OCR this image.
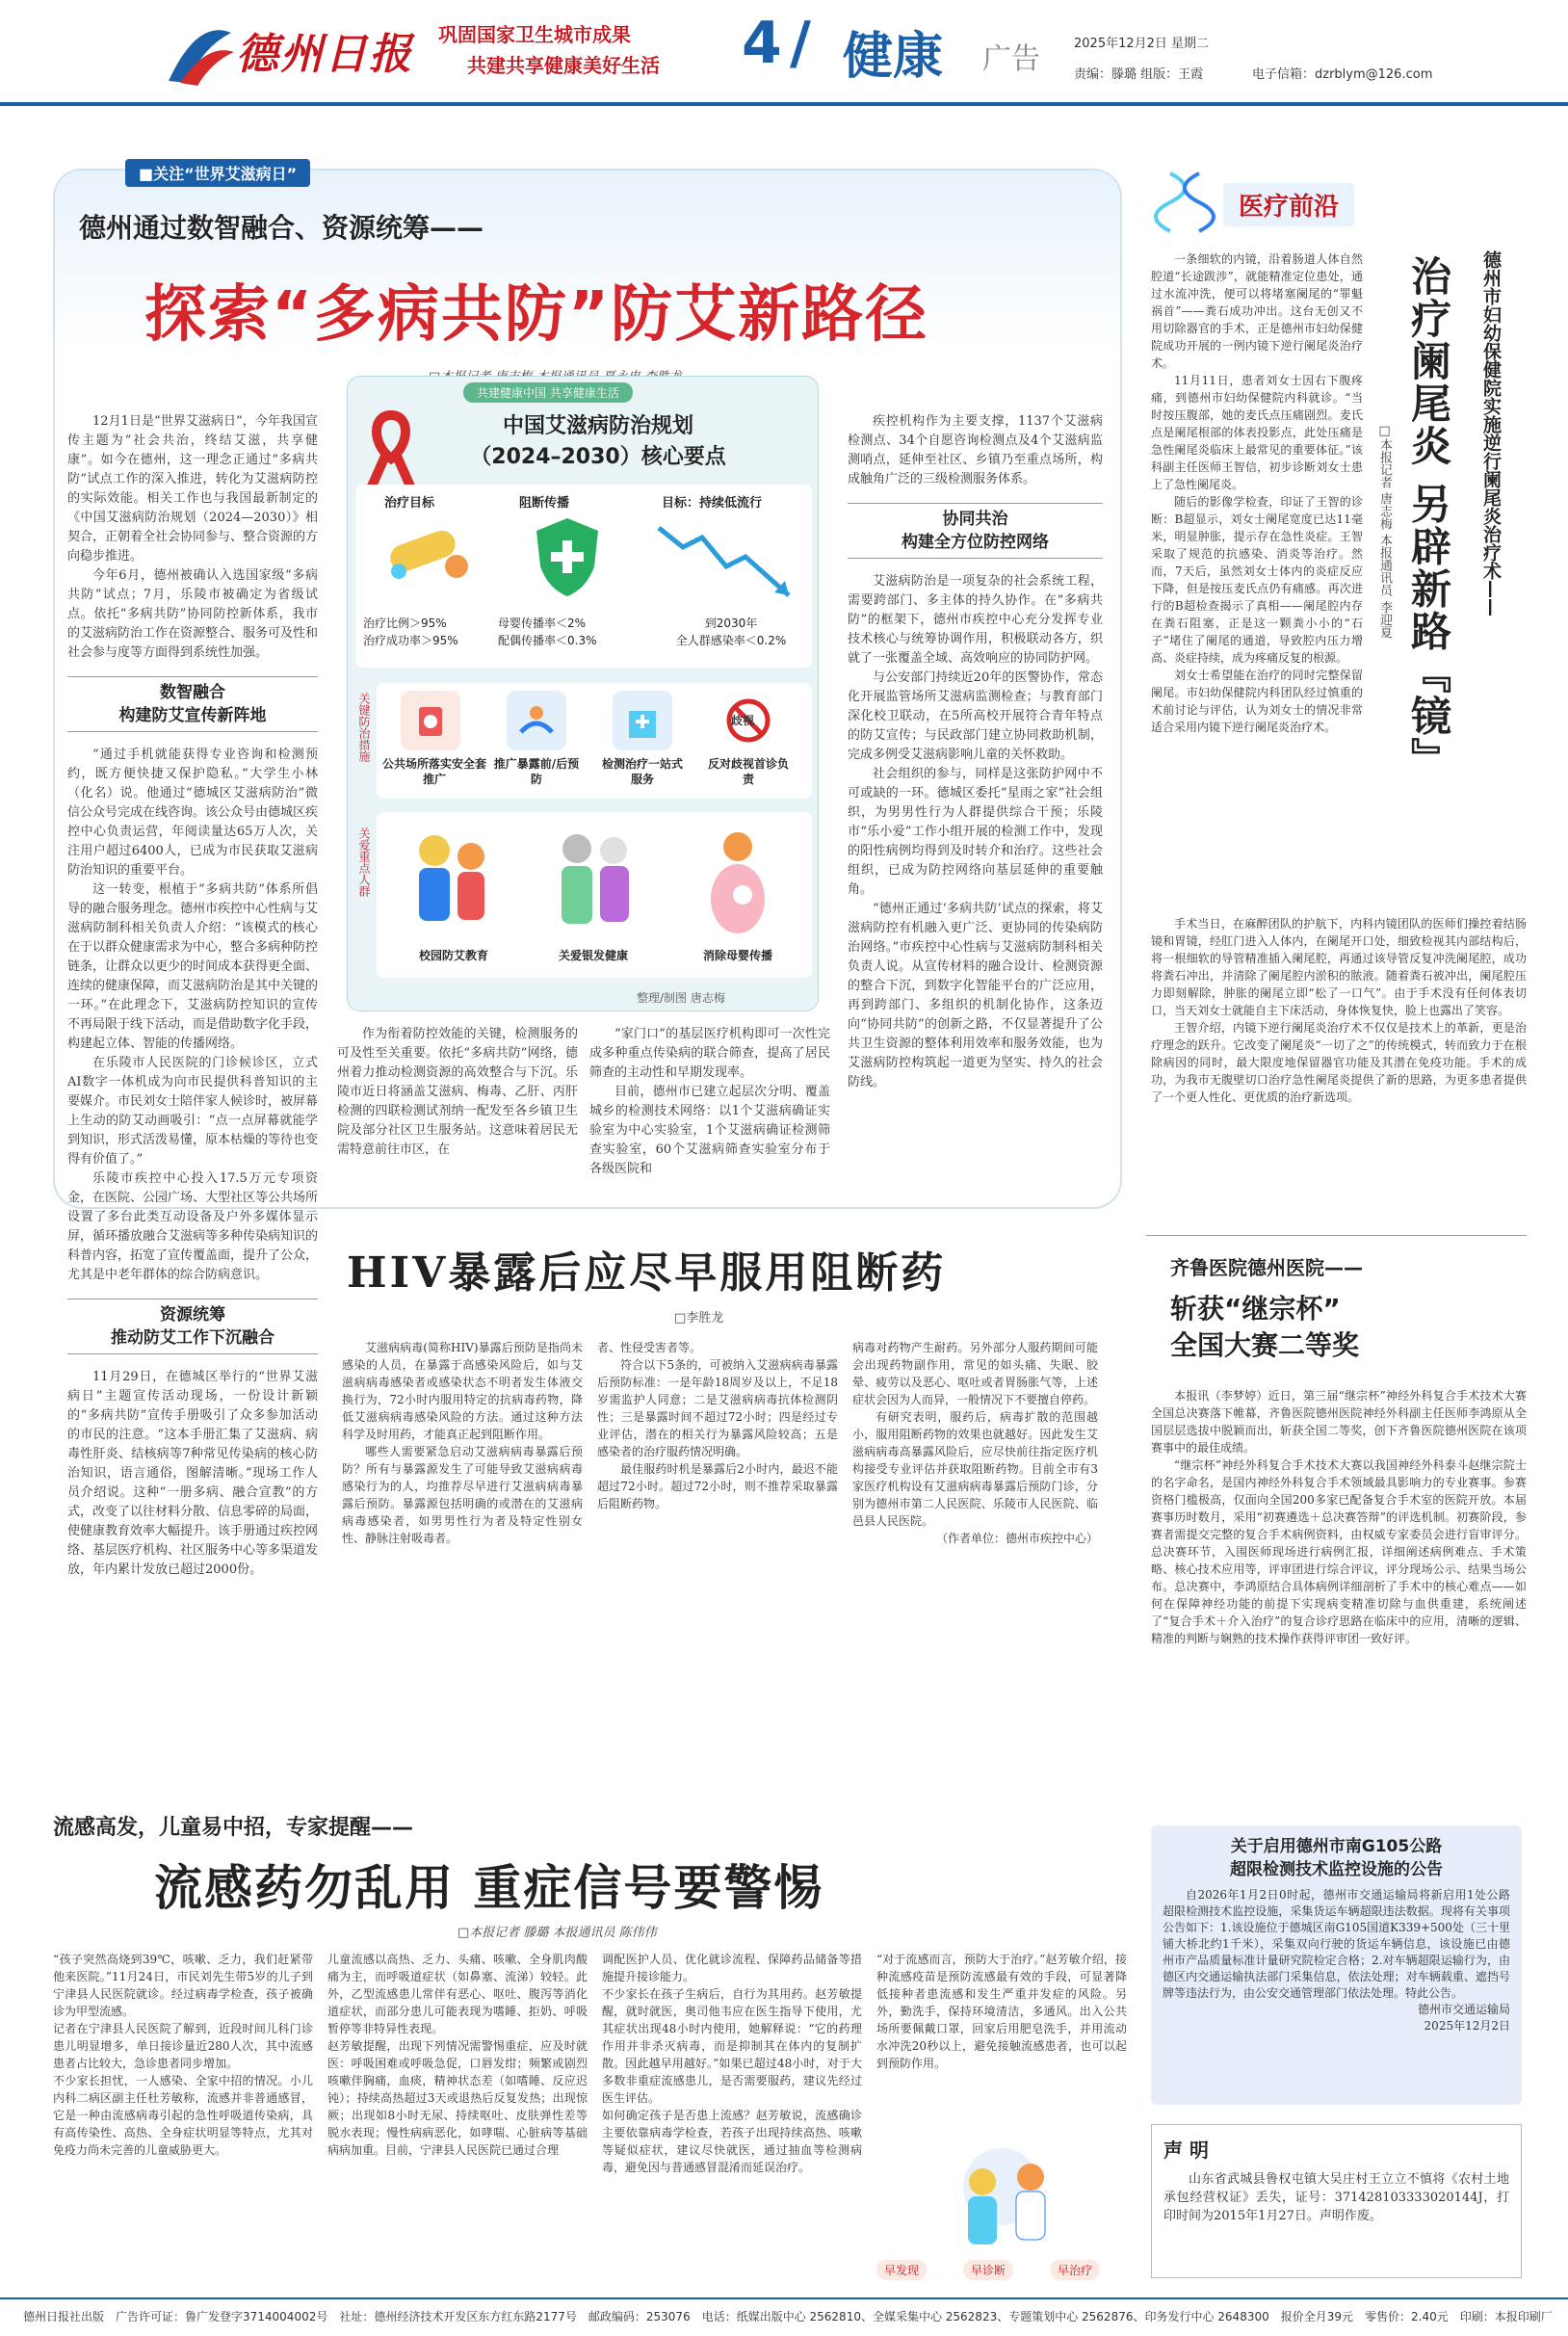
德州日报 巩固国家卫生城市成果
共建共享健康美好生活 4 / 健康 广告	2025年12月2日 星期二
责编：滕璐 组版：王霞	电子信箱：dzrblym@126.com
■关注“世界艾滋病日”
德州通过数智融合、资源统筹——
探索“多病共防”防艾新路径

12月1日是“世界艾滋病日”，今年我国宣传主题为“社会共治，终结艾滋，共享健康”。如今在德州，这一理念正通过“多病共防”试点工作的深入推进，转化为艾滋病防控的实际效能。相关工作也与我国最新制定的《中国艾滋病防治规划（2024—2030）》相契合，正朝着全社会协同参与、整合资源的方向稳步推进。

今年6月，德州被确认入选国家级“多病共防”试点；7月，乐陵市被确定为省级试点。依托“多病共防”协同防控新体系，我市的艾滋病防治工作在资源整合、服务可及性和社会参与度等方面得到系统性加强。

数智融合
构建防艾宣传新阵地

“通过手机就能获得专业咨询和检测预约，既方便快捷又保护隐私。”大学生小林（化名）说。他通过“德城区艾滋病防治”微信公众号完成在线咨询。该公众号由德城区疾控中心负责运营，年阅读量达65万人次，关注用户超过6400人，已成为市民获取艾滋病防治知识的重要平台。

这一转变，根植于“多病共防”体系所倡导的融合服务理念。德州市疾控中心性病与艾滋病防制科相关负责人介绍：“该模式的核心在于以群众健康需求为中心，整合多病种防控链条，让群众以更少的时间成本获得更全面、连续的健康保障，而艾滋病防治是其中关键的一环。”在此理念下，艾滋病防控知识的宣传不再局限于线下活动，而是借助数字化手段，构建起立体、智能的传播网络。

在乐陵市人民医院的门诊候诊区，立式AI数字一体机成为向市民提供科普知识的主要媒介。市民刘女士陪伴家人候诊时，被屏幕上生动的防艾动画吸引：“点一点屏幕就能学到知识，形式活泼易懂，原本枯燥的等待也变得有价值了。”

乐陵市疾控中心投入17.5万元专项资金，在医院、公园广场、大型社区等公共场所设置了多台此类互动设备及户外多媒体显示屏，循环播放融合艾滋病等多种传染病知识的科普内容，拓宽了宣传覆盖面，提升了公众，尤其是中老年群体的综合防病意识。

资源统筹
推动防艾工作下沉融合

11月29日，在德城区举行的“世界艾滋病日”主题宣传活动现场，一份设计新颖的“多病共防”宣传手册吸引了众多参加活动的市民的注意。“这本手册汇集了艾滋病、病毒性肝炎、结核病等7种常见传染病的核心防治知识，语言通俗，图解清晰。”现场工作人员介绍说。这种“一册多病、融合宣教”的方式，改变了以往材料分散、信息零碎的局面，使健康教育效率大幅提升。该手册通过疾控网络、基层医疗机构、社区服务中心等多渠道发放，年内累计发放已超过2000份。

共建健康中国 共享健康生活
中国艾滋病防治规划
（2024–2030）核心要点
治疗目标
治疗比例＞95%
治疗成功率＞95%
阻断传播
母婴传播率＜2%
配偶传播率＜0.3%
目标：持续低流行
到2030年
全人群感染率＜0.2%
关键防治措施
公共场所落实安全套推广
推广暴露前/后预防
检测治疗一站式服务
歧视
反对歧视首诊负责
关爱重点人群
校园防艾教育	关爱银发健康	消除母婴传播
整理/制图 唐志梅

作为衔着防控效能的关键，检测服务的可及性至关重要。依托“多病共防”网络，德州着力推动检测资源的高效整合与下沉。乐陵市近日将涵盖艾滋病、梅毒、乙肝、丙肝检测的四联检测试剂纳一配发至各乡镇卫生院及部分社区卫生服务站。这意味着居民无需特意前往市区，在

“家门口”的基层医疗机构即可一次性完成多种重点传染病的联合筛查，提高了居民筛查的主动性和早期发现率。

目前，德州市已建立起层次分明、覆盖城乡的检测技术网络：以1个艾滋病确证实验室为中心实验室，1个艾滋病确证检测筛查实验室，60个艾滋病筛查实验室分布于各级医院和

疾控机构作为主要支撑，1137个艾滋病检测点、34个自愿咨询检测点及4个艾滋病监测哨点，延伸至社区、乡镇乃至重点场所，构成触角广泛的三级检测服务体系。

协同共治
构建全方位防控网络

艾滋病防治是一项复杂的社会系统工程，需要跨部门、多主体的持久协作。在“多病共防”的框架下，德州市疾控中心充分发挥专业技术核心与统筹协调作用，积极联动各方，织就了一张覆盖全域、高效响应的协同防护网。

与公安部门持续近20年的医警协作，常态化开展监管场所艾滋病监测检查；与教育部门深化校卫联动，在5所高校开展符合青年特点的防艾宣传；与民政部门建立协同救助机制，完成多例受艾滋病影响儿童的关怀救助。

社会组织的参与，同样是这张防护网中不可或缺的一环。德城区委托“星雨之家”社会组织，为男男性行为人群提供综合干预；乐陵市“乐小爱”工作小组开展的检测工作中，发现的阳性病例均得到及时转介和治疗。这些社会组织，已成为防控网络向基层延伸的重要触角。

“德州正通过‘多病共防’试点的探索，将艾滋病防控有机融入更广泛、更协同的传染病防治网络。”市疾控中心性病与艾滋病防制科相关负责人说。从宣传材料的融合设计、检测资源的整合下沉，到数字化智能平台的广泛应用，再到跨部门、多组织的机制化协作，这条迈向“协同共防”的创新之路，不仅显著提升了公共卫生资源的整体利用效率和服务效能，也为艾滋病防控构筑起一道更为坚实、持久的社会防线。

HIV暴露后应尽早服用阻断药
□李胜龙

艾滋病病毒(简称HIV)暴露后预防是指尚未感染的人员，在暴露于高感染风险后，如与艾滋病病毒感染者或感染状态不明者发生体液交换行为，72小时内服用特定的抗病毒药物，降低艾滋病病毒感染风险的方法。通过这种方法科学及时用药，才能真正起到阻断作用。

哪些人需要紧急启动艾滋病病毒暴露后预防？所有与暴露源发生了可能导致艾滋病病毒感染行为的人，均推荐尽早进行艾滋病病毒暴露后预防。暴露源包括明确的或潜在的艾滋病病毒感染者，如男男性行为者及特定性别女性、静脉注射吸毒者。

者、性侵受害者等。

符合以下5条的，可被纳入艾滋病病毒暴露后预防标准：一是年龄18周岁及以上，不足18岁需监护人同意；二是艾滋病病毒抗体检测阴性；三是暴露时间不超过72小时；四是经过专业评估，潜在的相关行为暴露风险较高；五是感染者的治疗服药情况明确。

最佳服药时机是暴露后2小时内，最迟不能超过72小时。超过72小时，则不推荐采取暴露后阻断药物。

病毒对药物产生耐药。另外部分人服药期间可能会出现药物副作用，常见的如头痛、失眠、胶晕、疲劳以及恶心、呕吐或者胃肠胀气等，上述症状会因为人而异，一般情况下不要擅自停药。

有研究表明，服药后，病毒扩散的范围越小，服用阻断药物的效果也就越好。因此发生艾滋病病毒高暴露风险后，应尽快前往指定医疗机构接受专业评估并获取阻断药物。目前全市有3家医疗机构设有艾滋病病毒暴露后预防门诊，分别为德州市第二人民医院、乐陵市人民医院、临邑县人民医院。

（作者单位：德州市疾控中心）

医疗前沿
德州市妇幼保健院实施逆行阑尾炎治疗术——
治疗阑尾炎 另辟新路『镜』
□本报记者 唐志梅 本报通讯员 李迎夏

一条细软的内镜，沿着肠道人体自然腔道“长途跋涉”，就能精准定位患处，通过水流冲洗，便可以将堵塞阑尾的“罪魁祸首”——粪石成功冲出。这台无创又不用切除器官的手术，正是德州市妇幼保健院成功开展的一例内镜下逆行阑尾炎治疗术。

11月11日，患者刘女士因右下腹疼痛，到德州市妇幼保健院内科就诊。“当时按压腹部，她的麦氏点压痛剧烈。麦氏点是阑尾根部的体表投影点，此处压痛是急性阑尾炎临床上最常见的重要体征。”该科副主任医师王智信，初步诊断刘女士患上了急性阑尾炎。

随后的影像学检查，印证了王智的诊断：B超显示，刘女士阑尾宽度已达11毫米，明显肿胀，提示存在急性炎症。王智采取了规范的抗感染、消炎等治疗。然而，7天后，虽然刘女士体内的炎症反应下降，但是按压麦氏点仍有痛感。再次进行的B超检查揭示了真相——阑尾腔内存在粪石阻塞，正是这一颗粪小小的“石子”堵住了阑尾的通道，导致腔内压力增高、炎症持续，成为疼痛反复的根源。

刘女士希望能在治疗的同时完整保留阑尾。市妇幼保健院内科团队经过慎重的术前讨论与评估，认为刘女士的情况非常适合采用内镜下逆行阑尾炎治疗术。

手术当日，在麻醉团队的护航下，内科内镜团队的医师们操控着结肠镜和胃镜，经肛门进入人体内，在阑尾开口处，细致检视其内部结构后，将一根细软的导管精准插入阑尾腔，再通过该导管反复冲洗阑尾腔，成功将粪石冲出，并清除了阑尾腔内淤积的脓液。随着粪石被冲出，阑尾腔压力即刻解除，肿胀的阑尾立即“松了一口气”。由于手术没有任何体表切口，当天刘女士就能自主下床活动，身体恢复快，脸上也露出了笑容。

王智介绍，内镜下逆行阑尾炎治疗术不仅仅是技术上的革新，更是治疗理念的跃升。它改变了阑尾炎“一切了之”的传统模式，转而致力于在根除病因的同时，最大限度地保留器官功能及其潜在免疫功能。手术的成功，为我市无腹壁切口治疗急性阑尾炎提供了新的思路，为更多患者提供了一个更人性化、更优质的治疗新选项。

齐鲁医院德州医院——
斩获“继宗杯”
全国大赛二等奖

本报讯（李梦婷）近日，第三届“继宗杯”神经外科复合手术技术大赛全国总决赛落下帷幕，齐鲁医院德州医院神经外科副主任医师李鸿原从全国层层选拔中脱颖而出，斩获全国二等奖，创下齐鲁医院德州医院在该项赛事中的最佳成绩。

“继宗杯”神经外科复合手术技术大赛以我国神经外科泰斗赵继宗院士的名字命名，是国内神经外科复合手术领域最具影响力的专业赛事。参赛资格门槛极高，仅面向全国200多家已配备复合手术室的医院开放。本届赛事历时数月，采用“初赛遴选＋总决赛答辩”的评选机制。初赛阶段，参赛者需提交完整的复合手术病例资料，由权威专家委员会进行盲审评分。总决赛环节，入围医师现场进行病例汇报，详细阐述病例难点、手术策略、核心技术应用等，评审团进行综合评议，评分现场公示、结果当场公布。总决赛中，李鸿原结合具体病例详细剖析了手术中的核心难点——如何在保障神经功能的前提下实现病变精准切除与血供重建，系统阐述了“复合手术＋介入治疗”的复合诊疗思路在临床中的应用，清晰的逻辑、精准的判断与娴熟的技术操作获得评审团一致好评。

流感高发，儿童易中招，专家提醒——
流感药勿乱用 重症信号要警惕
□本报记者 滕璐 本报通讯员 陈伟伟

“孩子突然高烧到39℃，咳嗽、乏力，我们赶紧带他来医院。”11月24日，市民刘先生带5岁的儿子到宁津县人民医院就诊。经过病毒学检查，孩子被确诊为甲型流感。
记者在宁津县人民医院了解到，近段时间儿科门诊患儿明显增多，单日接诊量近280人次，其中流感患者占比较大，急诊患者同步增加。
不少家长担忧，一人感染、全家中招的情况。小儿内科二病区副主任杜芳敏称，流感并非普通感冒，它是一种由流感病毒引起的急性呼吸道传染病，具有高传染性、高热、全身症状明显等特点，尤其对免疫力尚未完善的儿童威胁更大。

儿童流感以高热、乏力、头痛、咳嗽、全身肌肉酸痛为主，而呼吸道症状（如鼻塞、流涕）较轻。此外，乙型流感患儿常伴有恶心、呕吐、腹泻等消化道症状，而部分患儿可能表现为嗜睡、拒奶、呼吸暂停等非特异性表现。
赵芳敏提醒，出现下列情况需警惕重症，应及时就医：呼吸困难或呼吸急促，口唇发绀；频繁或剧烈咳嗽伴胸痛，血痰，精神状态差（如嗜睡、反应迟钝）；持续高热超过3天或退热后反复发热；出现惊厥；出现如8小时无尿、持续呕吐、皮肤弹性差等脱水表现；慢性病病恶化，如哮喘、心脏病等基础病病加重。目前，宁津县人民医院已通过合理

调配医护人员、优化就诊流程、保障药品储备等措施提升接诊能力。
不少家长在孩子生病后，自行为其用药。赵芳敏提醒，就时就医，奥司他韦应在医生指导下使用，尤其症状出现48小时内使用，她解释说：“它的药理作用并非杀灭病毒，而是抑制其在体内的复制扩散。因此越早用越好。”如果已超过48小时，对于大多数非重症流感患儿，是否需要服药，建议先经过医生评估。
如何确定孩子是否患上流感？赵芳敏说，流感确诊主要依靠病毒学检查，若孩子出现持续高热、咳嗽等疑似症状，建议尽快就医，通过抽血等检测病毒，避免因与普通感冒混淆而延误治疗。

“对于流感而言，预防大于治疗。”赵芳敏介绍，接种流感疫苗是预防流感最有效的手段，可显著降低接种者患流感和发生严重并发症的风险。另外，勤洗手，保持环境清洁，多通风。出入公共场所要佩戴口罩，回家后用肥皂洗手，并用流动水冲洗20秒以上，避免接触流感患者，也可以起到预防作用。

早发现	早诊断	早治疗
关于启用德州市南G105公路
超限检测技术监控设施的公告

自2026年1月2日0时起，德州市交通运输局将新启用1处公路超限检测技术监控设施，采集货运车辆超限违法数据。现将有关事项公告如下：1.该设施位于德城区南G105国道K339+500处（三十里铺大桥北约1千米），采集双向行驶的货运车辆信息，该设施已由德州市产品质量标准计量研究院检定合格；2.对车辆超限运输行为，由德区内交通运输执法部门采集信息，依法处理；对车辆载重、遮挡号牌等违法行为，由公安交通管理部门依法处理。特此公告。

德州市交通运输局

2025年12月2日

声 明

山东省武城县鲁权屯镇大吴庄村王立立不慎将《农村土地承包经营权证》丢失，证号：371428103333020144J，打印时间为2015年1月27日。声明作废。

德州日报社出版　广告许可证：鲁广发登字3714004002号　社址：德州经济技术开发区东方红东路2177号　邮政编码：253076　电话：纸媒出版中心 2562810、全媒采集中心 2562823、专题策划中心 2562876、印务发行中心 2648300　报价全月39元　零售价：2.40元　印刷：本报印刷厂
